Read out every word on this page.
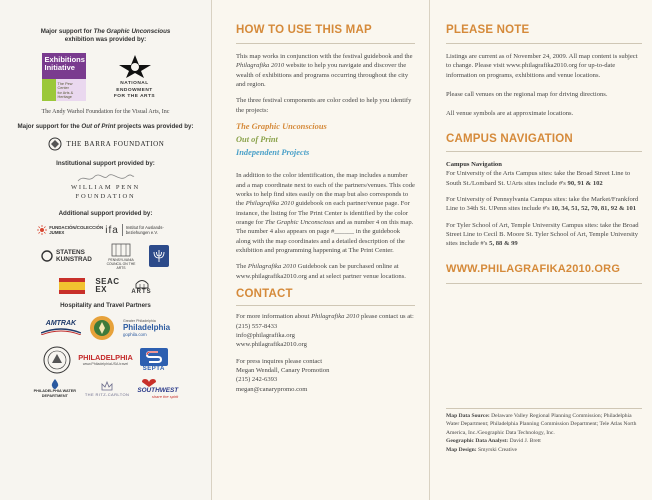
Major support for The Graphic Unconscious
exhibition was provided by:
Exhibitions
Initiative
The Pew Center
for Arts & Heritage
NATIONAL
ENDOWMENT
FOR THE ARTS
The Andy Warhol Foundation for the Visual Arts, Inc
Major support for the Out of Print projects was provided by:
THE BARRA FOUNDATION
Institutional support provided by:
WILLIAM PENN
FOUNDATION
Additional support provided by:
FUNDACIÓN/COLECCIÓN JUMEX	ifa Institut für Auslands-beziehungen e.V.
STATENS KUNSTRAD	PENNSYLVANIA COUNCIL ON THE ARTS
SEACEX	ARTS
Hospitality and Travel Partners
AMTRAK	Greater Philadelphia
Philadelphia
gophila.com
PHILADELPHIA
www.PhiladelphiaUSA.travel
SEPTA
PHILADELPHIA WATER DEPARTMENT	THE RITZ-CARLTON
SOUTHWEST
share the spirit
HOW TO USE THIS MAP

This map works in conjunction with the festival guidebook and the Philagrafika 2010 website to help you navigate and discover the wealth of exhibitions and programs occurring throughout the city and region.

The three festival components are color coded to help you identify the projects:

The Graphic Unconscious
Out of Print
Independent Projects

In addition to the color identification, the map includes a number and a map coordinate next to each of the partners/venues. This code works to help find sites easily on the map but also corresponds to the Philagrafika 2010 guidebook on each partner/venue page. For instance, the listing for The Print Center is identified by the color orange for The Graphic Unconscious and as number 4 on this map. The number 4 also appears on page #______ in the guidebook along with the map coordinates and a detailed description of the exhibition and programming happening at The Print Center.

The Philagrafika 2010 Guidebook can be purchased online at www.philagrafika2010.org and at select partner venue locations.

CONTACT

For more information about Philagrafika 2010 please contact us at:
(215) 557-8433
info@philagrafika.org
www.philagrafika2010.org

For press inquires please contact
Megan Wendall, Canary Promotion
(215) 242-6393
megan@canarypromo.com

PLEASE NOTE

Listings are current as of November 24, 2009. All map content is subject to change. Please visit www.philagrafika2010.org for up-to-date information on programs, exhibitions and venue locations.

Please call venues on the regional map for driving directions.

All venue symbols are at approximate locations.

CAMPUS NAVIGATION
Campus Navigation

For University of the Arts Campus sites: take the Broad Street Line to South St./Lombard St. UArts sites include #'s 90, 91 & 102

For University of Pennsylvania Campus sites: take the Market/Frankford Line to 34th St. UPenn sites include #'s 10, 34, 51, 52, 70, 81, 92 & 101

For Tyler School of Art, Temple University Campus sites: take the Broad Street Line to Cecil B. Moore St. Tyler School of Art, Temple University sites include #'s 5, 88 & 99

WWW.PHILAGRAFIKA2010.ORG
Map Data Source: Delaware Valley Regional Planning Commission; Philadelphia Water Department; Philadelphia Planning Commission Department; Tele Atlas North America, Inc./Geographic Data Technology, Inc.
Geographic Data Analyst: David J. Brett
Map Design: Smyrski Creative
